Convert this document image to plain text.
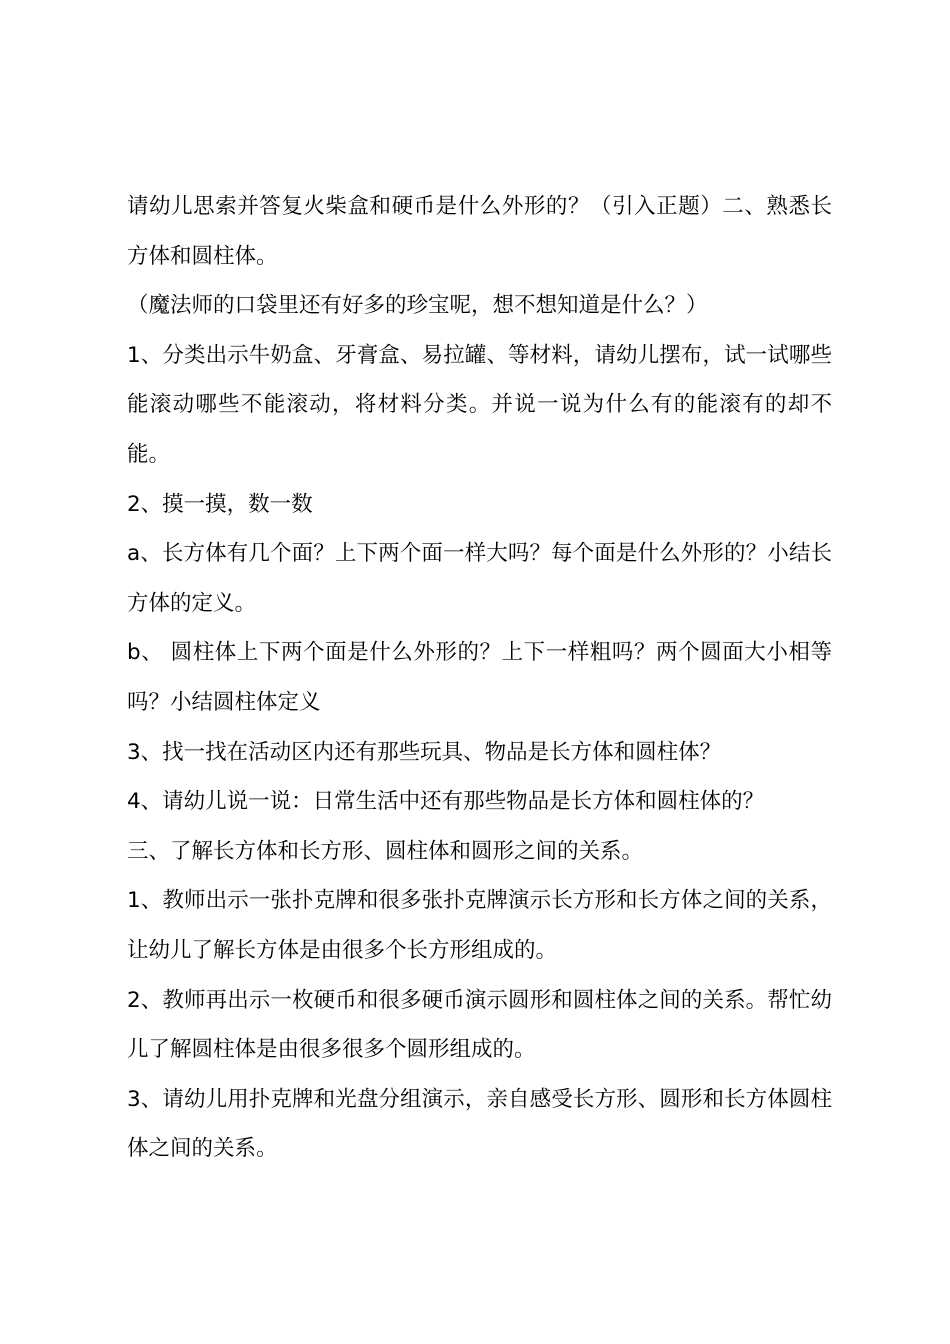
请幼儿思索并答复火柴盒和硬币是什么外形的？（引入正题）二、熟悉长方体和圆柱体。

（魔法师的口袋里还有好多的珍宝呢，想不想知道是什么？）

1、分类出示牛奶盒、牙膏盒、易拉罐、等材料，请幼儿摆布，试一试哪些能滚动哪些不能滚动，将材料分类。并说一说为什么有的能滚有的却不能。

2、摸一摸，数一数

a、长方体有几个面？上下两个面一样大吗？每个面是什么外形的？小结长方体的定义。

b、 圆柱体上下两个面是什么外形的？上下一样粗吗？两个圆面大小相等吗？小结圆柱体定义

3、找一找在活动区内还有那些玩具、物品是长方体和圆柱体？

4、请幼儿说一说：日常生活中还有那些物品是长方体和圆柱体的？

三、了解长方体和长方形、圆柱体和圆形之间的关系。

1、教师出示一张扑克牌和很多张扑克牌演示长方形和长方体之间的关系，让幼儿了解长方体是由很多个长方形组成的。

2、教师再出示一枚硬币和很多硬币演示圆形和圆柱体之间的关系。帮忙幼儿了解圆柱体是由很多很多个圆形组成的。

3、请幼儿用扑克牌和光盘分组演示，亲自感受长方形、圆形和长方体圆柱体之间的关系。
